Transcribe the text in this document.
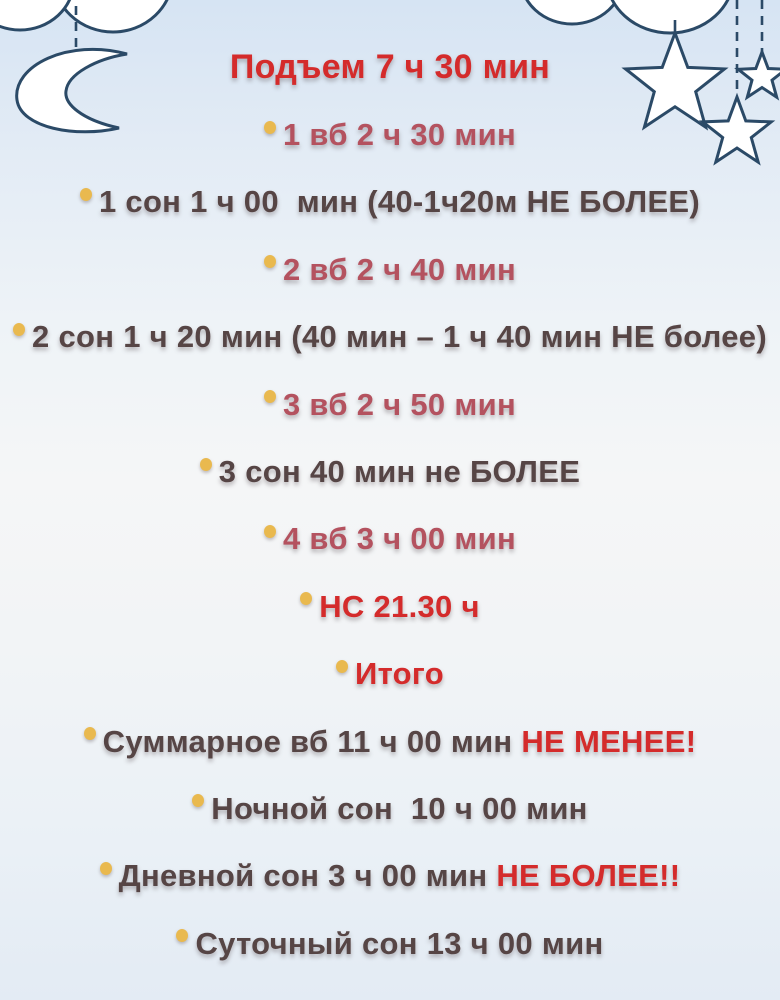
Подъем 7 ч 30 мин
1 вб 2 ч 30 мин
1 сон 1 ч 00  мин (40-1ч20м НЕ БОЛЕЕ)
2 вб 2 ч 40 мин
2 сон 1 ч 20 мин (40 мин – 1 ч 40 мин НЕ более)
3 вб 2 ч 50 мин
3 сон 40 мин не БОЛЕЕ
4 вб 3 ч 00 мин
НС 21.30 ч
Итого
Суммарное вб 11 ч 00 мин НЕ МЕНЕЕ!
Ночной сон  10 ч 00 мин
Дневной сон 3 ч 00 мин НЕ БОЛЕЕ!!
Суточный сон 13 ч 00 мин
